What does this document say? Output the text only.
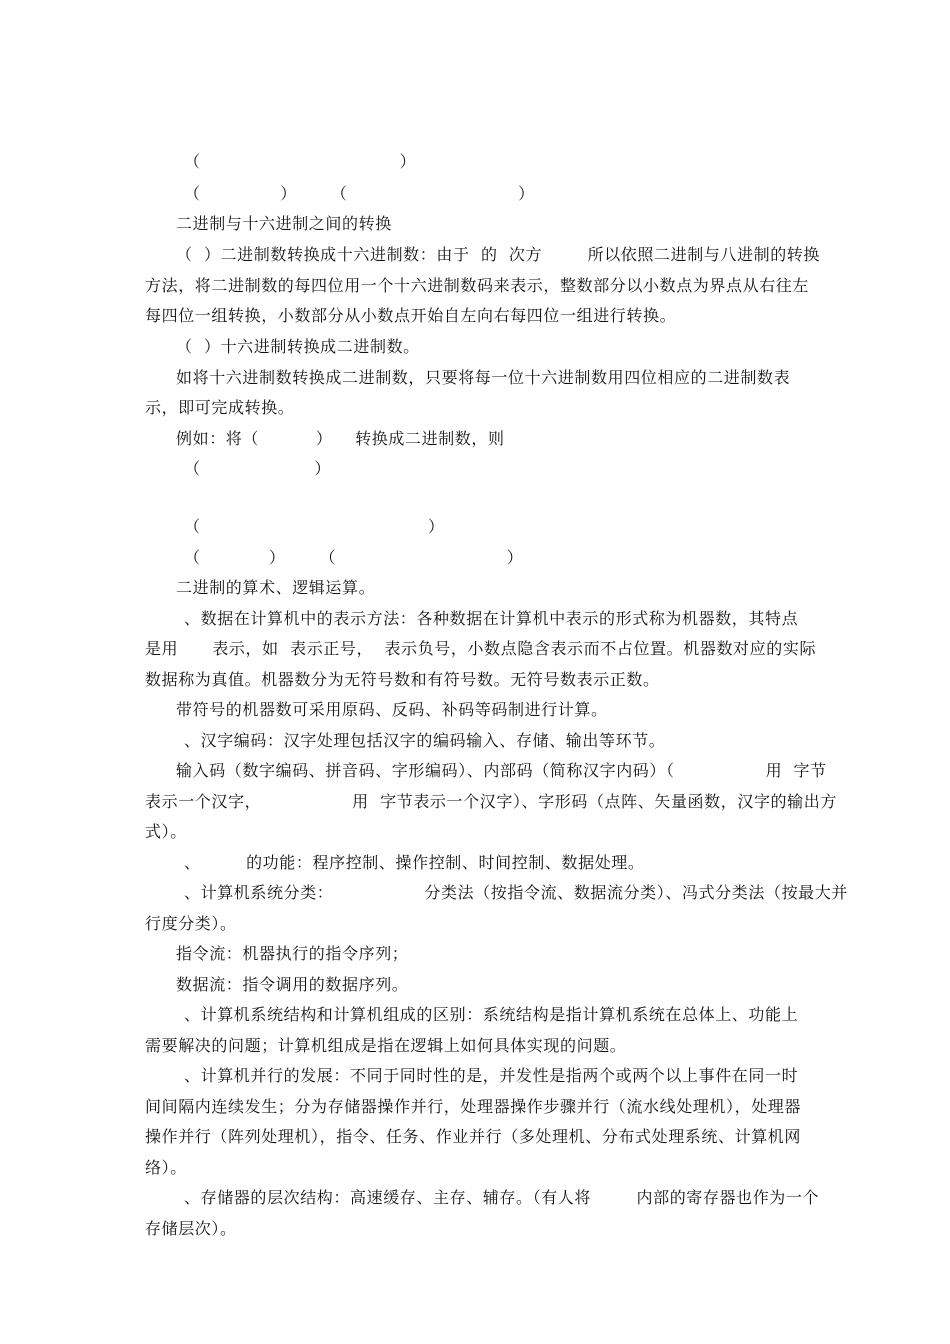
（                                   ）
（              ）      （                              ）
二进制与十六进制之间的转换
（  ）二进制数转换成十六进制数：由于  的  次方        所以依照二进制与八进制的转换
方法，将二进制数的每四位用一个十六进制数码来表示，整数部分以小数点为界点从右往左
每四位一组转换，小数部分从小数点开始自左向右每四位一组进行转换。
（  ）十六进制转换成二进制数。
如将十六进制数转换成二进制数，只要将每一位十六进制数用四位相应的二进制数表
示，即可完成转换。
例如：将（          ）    转换成二进制数，则
（                    ）
（                                        ）
（            ）      （                              ）
二进制的算术、逻辑运算。
、数据在计算机中的表示方法：各种数据在计算机中表示的形式称为机器数，其特点
是用      表示，如  表示正号，  表示负号，小数点隐含表示而不占位置。机器数对应的实际
数据称为真值。机器数分为无符号数和有符号数。无符号数表示正数。
带符号的机器数可采用原码、反码、补码等码制进行计算。
、汉字编码：汉字处理包括汉字的编码输入、存储、输出等环节。
输入码（数字编码、拼音码、字形编码）、内部码（简称汉字内码）（                用  字节
表示一个汉字，                用  字节表示一个汉字）、字形码（点阵、矢量函数，汉字的输出方
式）。
、        的功能：程序控制、操作控制、时间控制、数据处理。
、计算机系统分类：                分类法（按指令流、数据流分类）、冯式分类法（按最大并
行度分类）。
指令流：机器执行的指令序列；
数据流：指令调用的数据序列。
、计算机系统结构和计算机组成的区别：系统结构是指计算机系统在总体上、功能上
需要解决的问题；计算机组成是指在逻辑上如何具体实现的问题。
、计算机并行的发展：不同于同时性的是，并发性是指两个或两个以上事件在同一时
间间隔内连续发生；分为存储器操作并行，处理器操作步骤并行（流水线处理机），处理器
操作并行（阵列处理机），指令、任务、作业并行（多处理机、分布式处理系统、计算机网
络）。
、存储器的层次结构：高速缓存、主存、辅存。（有人将        内部的寄存器也作为一个
存储层次）。
